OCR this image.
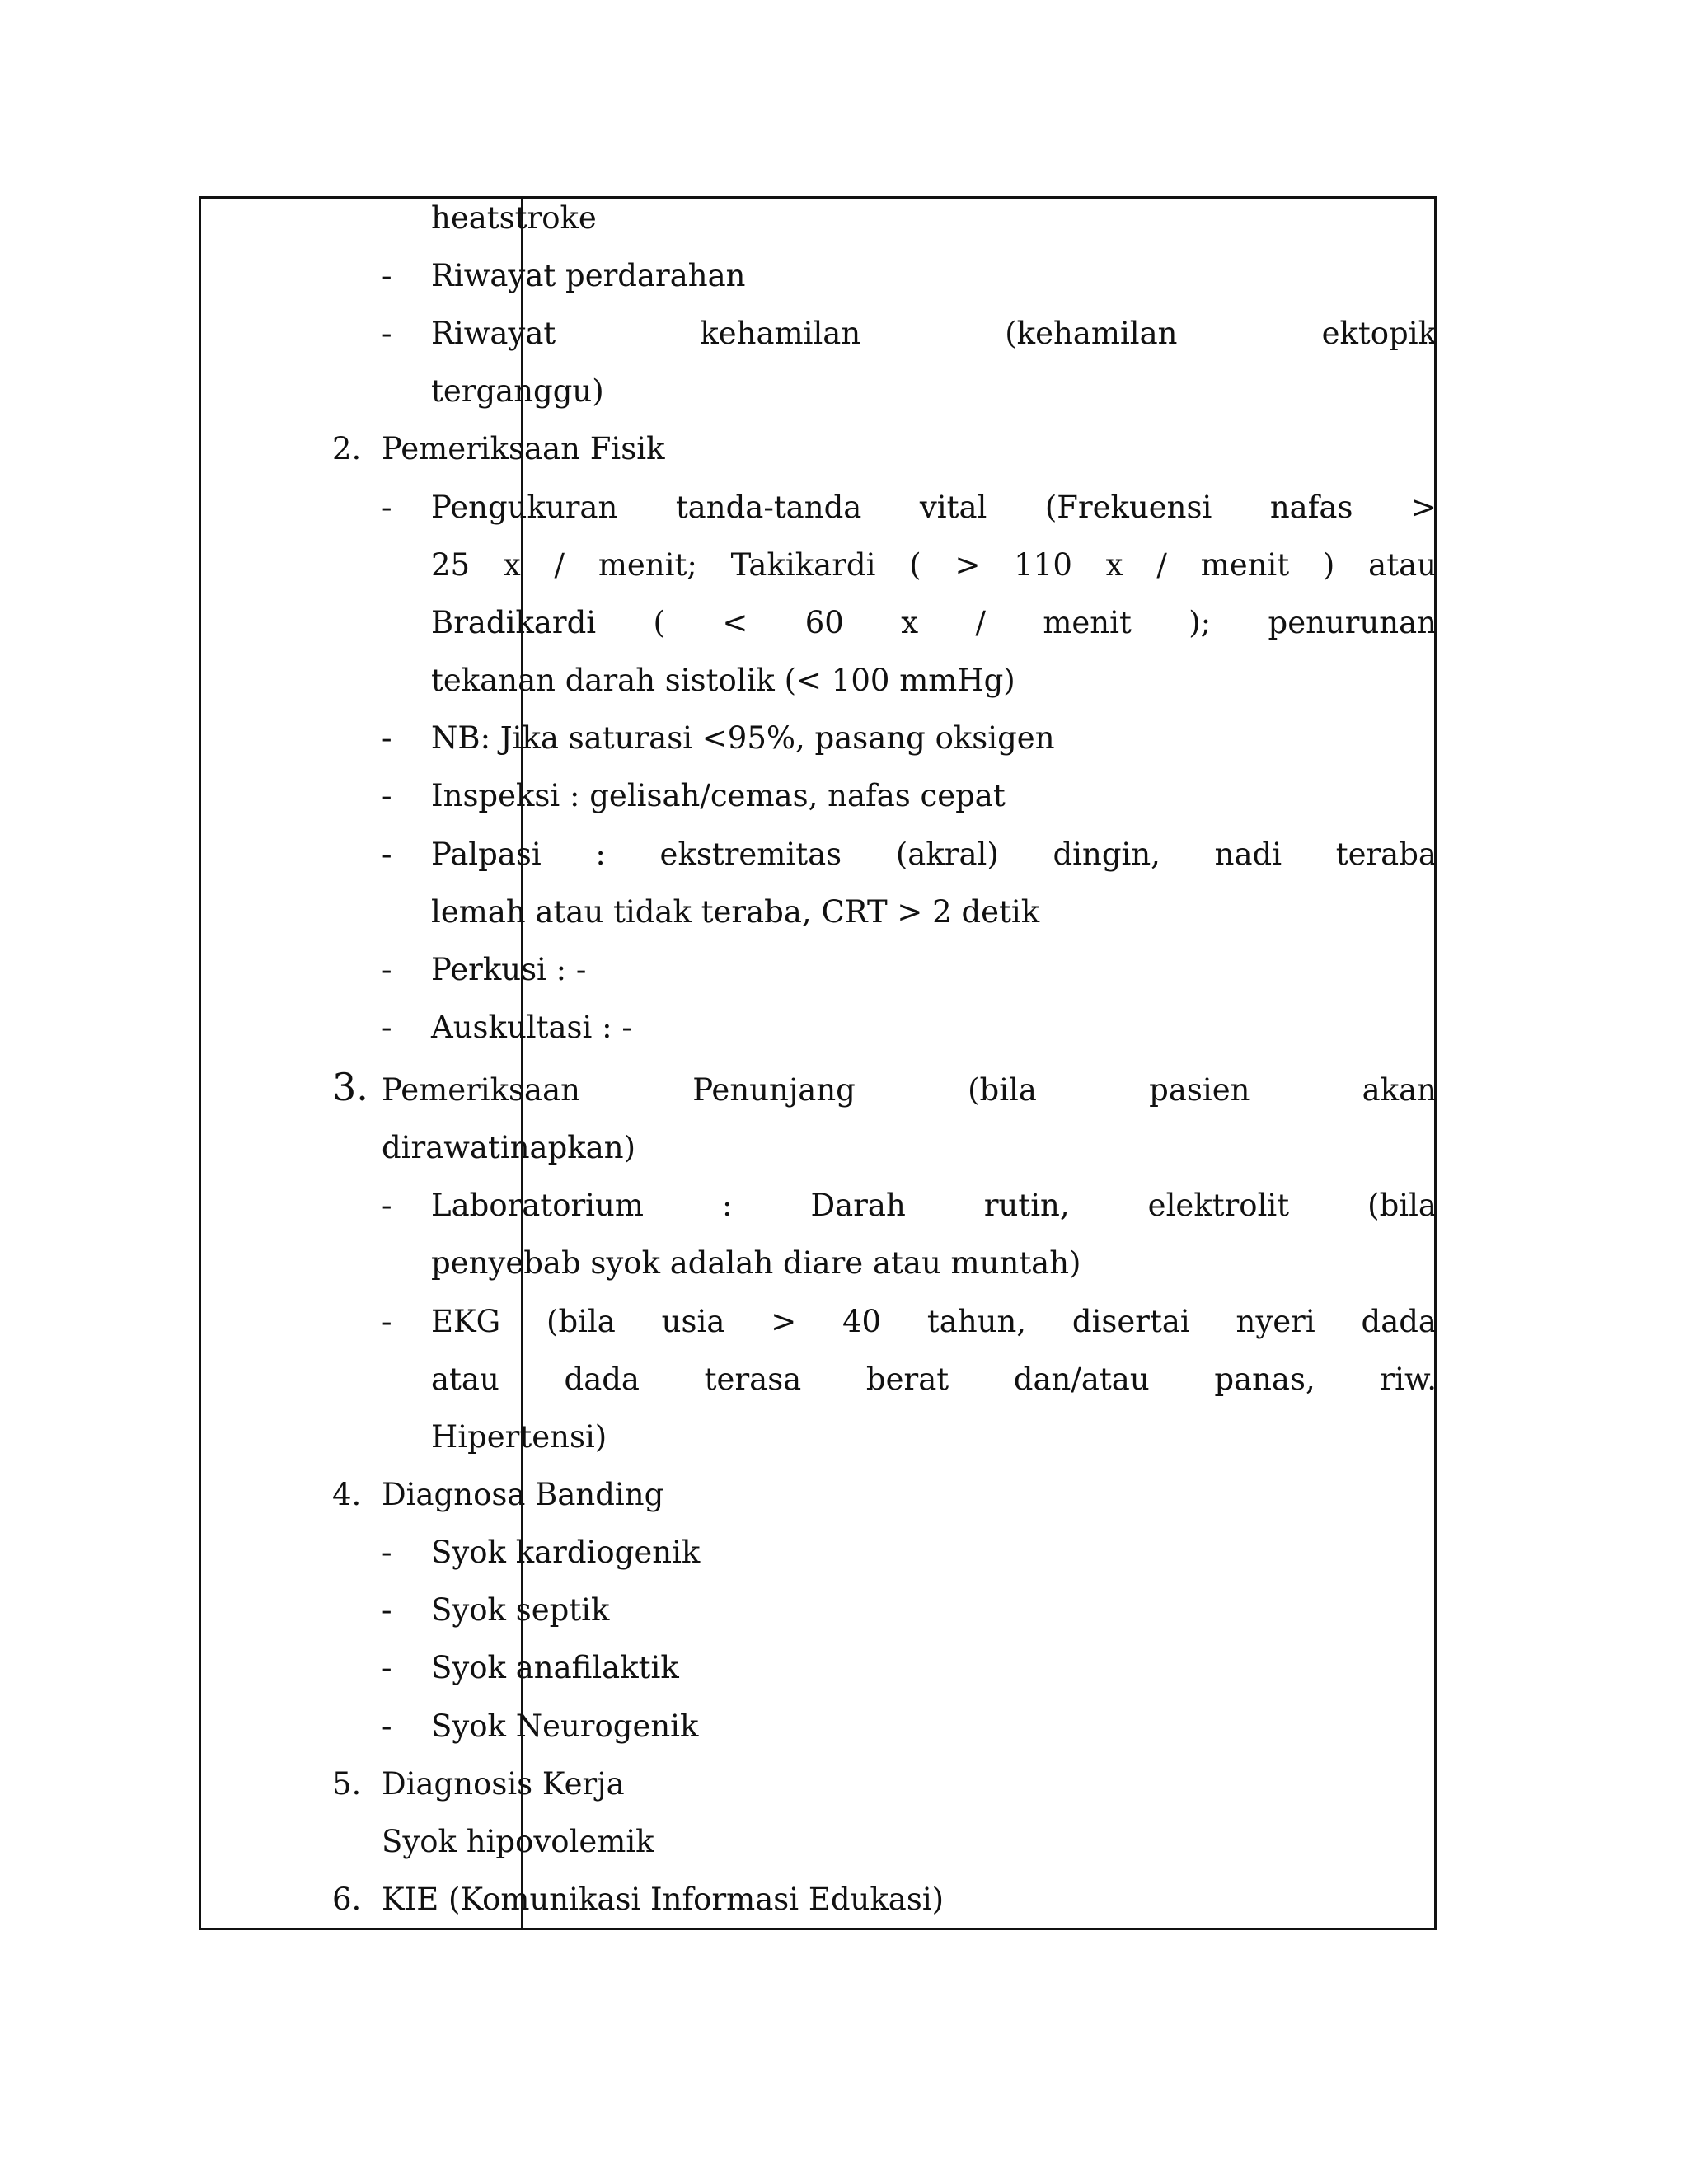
heatstroke
- Riwayat perdarahan
- Riwayat kehamilan (kehamilan ektopik
terganggu)
2. Pemeriksaan Fisik
- Pengukuran tanda-tanda vital (Frekuensi nafas >
25 x / menit; Takikardi ( > 110 x / menit ) atau
Bradikardi ( < 60 x / menit ); penurunan
tekanan darah sistolik (< 100 mmHg)
- NB: Jika saturasi <95%, pasang oksigen
- Inspeksi : gelisah/cemas, nafas cepat
- Palpasi : ekstremitas (akral) dingin, nadi teraba
lemah atau tidak teraba, CRT > 2 detik
- Perkusi : -
- Auskultasi : -
3. Pemeriksaan Penunjang (bila pasien akan
dirawatinapkan)
- Laboratorium : Darah rutin, elektrolit (bila
penyebab syok adalah diare atau muntah)
- EKG (bila usia > 40 tahun, disertai nyeri dada
atau dada terasa berat dan/atau panas, riw.
Hipertensi)
4. Diagnosa Banding
- Syok kardiogenik
- Syok septik
- Syok anafilaktik
- Syok Neurogenik
5. Diagnosis Kerja
Syok hipovolemik
6. KIE (Komunikasi Informasi Edukasi)
